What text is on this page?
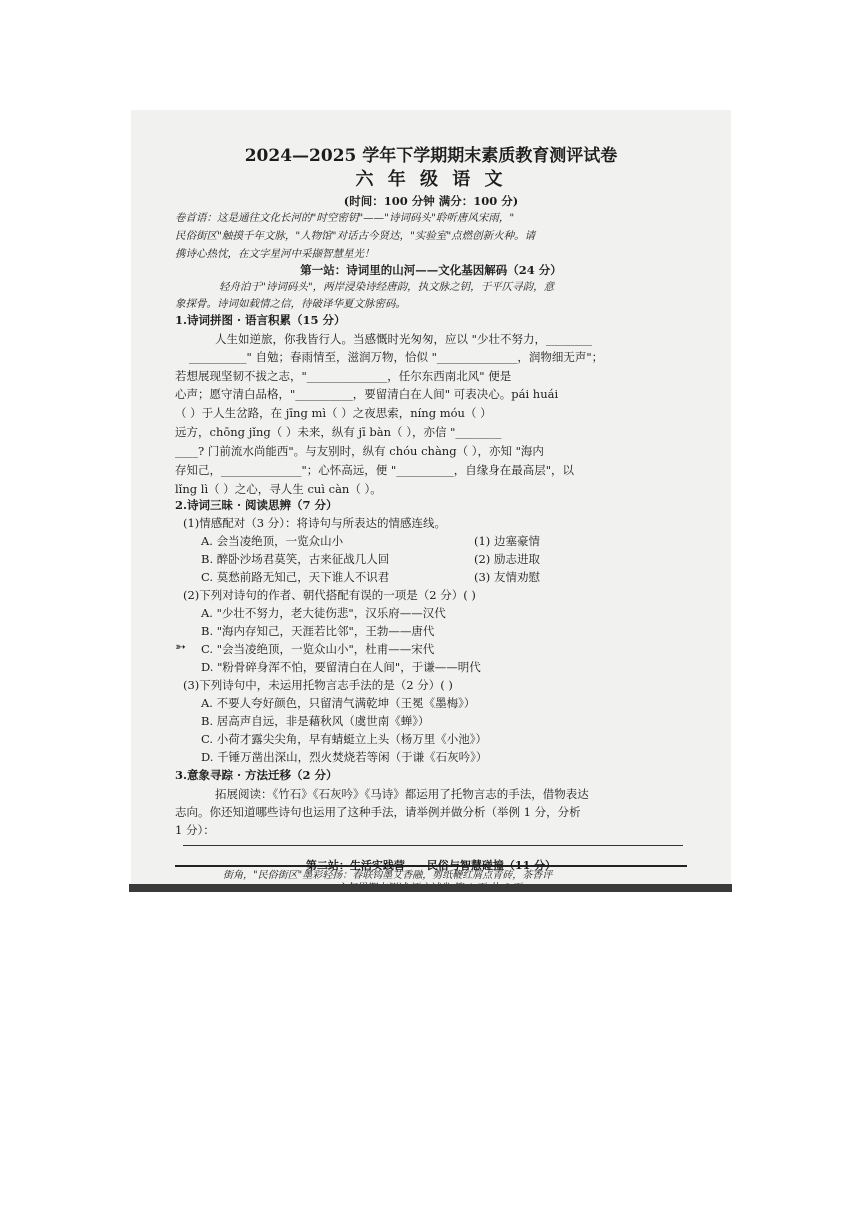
2024—2025 学年下学期期末素质教育测评试卷
六 年 级 语 文
(时间：100 分钟 满分：100 分)
卷首语：这是通往文化长河的"时空密钥"——"诗词码头"聆听唐风宋雨，"
民俗街区"触摸千年文脉，"人物馆"对话古今贤达，"实验室"点燃创新火种。请
携诗心热忱，在文字星河中采撷智慧星光！
第一站：诗词里的山河——文化基因解码（24 分）
轻舟泊于"诗词码头"，两岸浸染诗经唐韵，执文脉之钥，于平仄寻韵，意
象探骨。诗词如载情之信，待破译华夏文脉密码。
1.诗词拼图 · 语言积累（15 分）
人生如逆旅，你我皆行人。当感慨时光匆匆，应以 "少壮不努力，________
__________" 自勉；春雨情至，滋润万物，恰似 "______________，润物细无声"；
若想展现坚韧不拔之志，"______________，任尔东西南北风" 便是
心声；愿守清白品格，"__________，要留清白在人间" 可表决心。pái huái
（ ）于人生岔路，在 jīng mì（ ）之夜思索，níng móu（ ）
远方，chōng jǐng（ ）未来，纵有 jī bàn（ ），亦信 "________
____? 门前流水尚能西"。与友别时，纵有 chóu chàng（ ），亦知 "海内
存知己，______________"；心怀高远，便 "__________，自缘身在最高层"，以
lǐng lì（ ）之心，寻人生 cuì càn（ ）。
2.诗词三昧 · 阅读思辨（7 分）
(1)情感配对（3 分）：将诗句与所表达的情感连线。
A. 会当凌绝顶，一览众山小
B. 醉卧沙场君莫笑，古来征战几人回
C. 莫愁前路无知己，天下谁人不识君
(1) 边塞豪情
(2) 励志进取
(3) 友情劝慰
(2)下列对诗句的作者、朝代搭配有误的一项是（2 分）( )
A. "少壮不努力，老大徒伤悲"，汉乐府——汉代
B. "海内存知己，天涯若比邻"，王勃——唐代
C. "会当凌绝顶，一览众山小"，杜甫——宋代
D. "粉骨碎身浑不怕，要留清白在人间"，于谦——明代
➳
(3)下列诗句中，未运用托物言志手法的是（2 分）( )
A. 不要人夸好颜色，只留清气满乾坤（王冕《墨梅》）
B. 居高声自远，非是藉秋风（虞世南《蝉》）
C. 小荷才露尖尖角，早有蜻蜓立上头（杨万里《小池》）
D. 千锤万凿出深山，烈火焚烧若等闲（于谦《石灰吟》）
3.意象寻踪 · 方法迁移（2 分）
拓展阅读：《竹石》《石灰吟》《马诗》都运用了托物言志的手法，借物表达
志向。你还知道哪些诗句也运用了这种手法，请举例并做分析（举例 1 分，分析
1 分）：
第二站：生活实践营——民俗与智慧碰撞（11 分）
街角，"民俗街区"墨彩轻扬：春联钩墨艾香融，剪纸鞭红屑点青砖，茶香评
